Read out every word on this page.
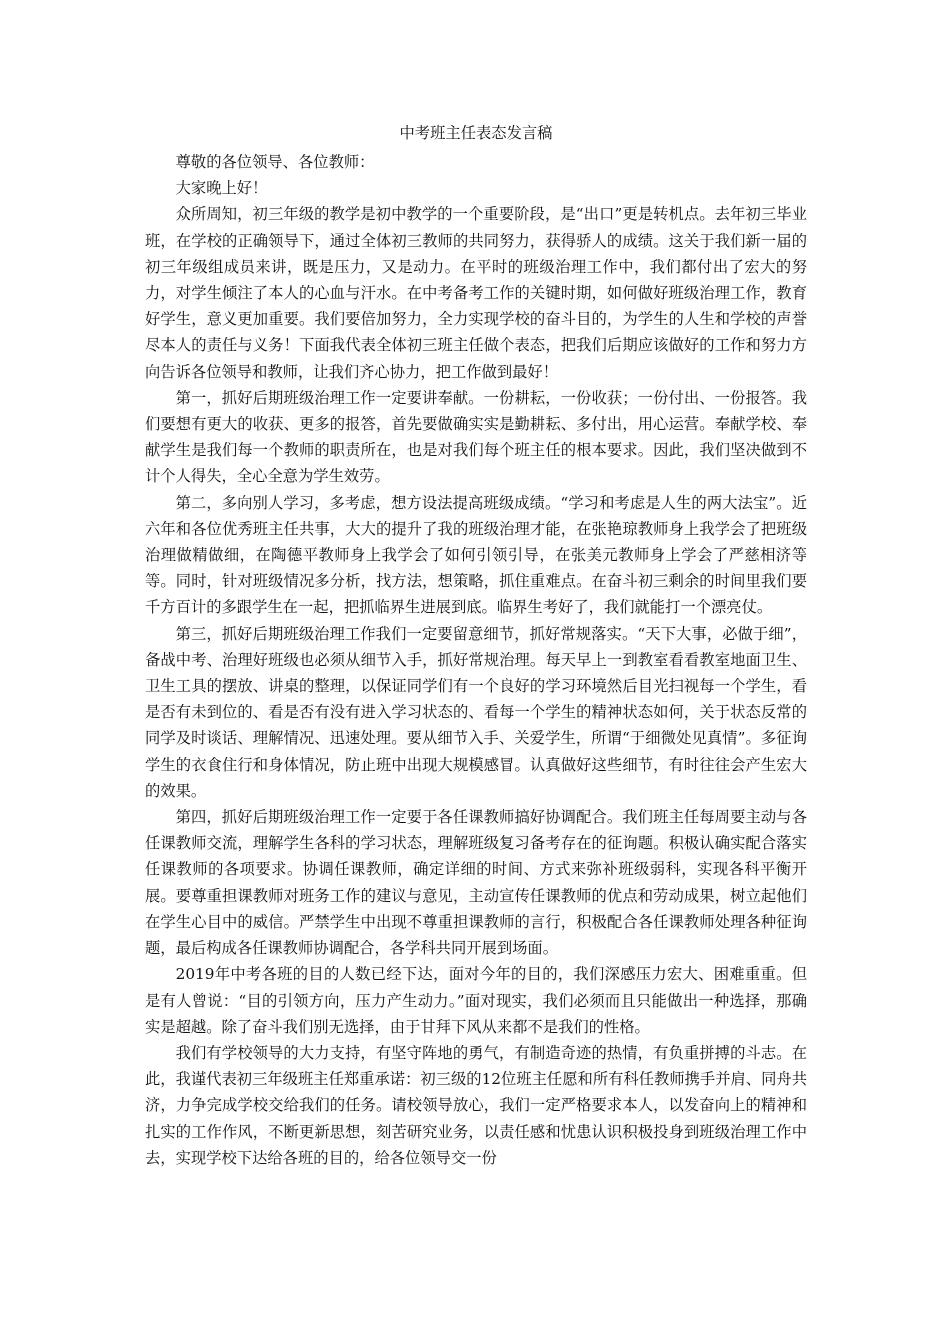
中考班主任表态发言稿

尊敬的各位领导、各位教师：

大家晚上好！

众所周知，初三年级的教学是初中教学的一个重要阶段，是“出口”更是转机点。去年初三毕业班，在学校的正确领导下，通过全体初三教师的共同努力，获得骄人的成绩。这关于我们新一届的初三年级组成员来讲，既是压力，又是动力。在平时的班级治理工作中，我们都付出了宏大的努力，对学生倾注了本人的心血与汗水。在中考备考工作的关键时期，如何做好班级治理工作，教育好学生，意义更加重要。我们要倍加努力，全力实现学校的奋斗目的，为学生的人生和学校的声誉尽本人的责任与义务！下面我代表全体初三班主任做个表态，把我们后期应该做好的工作和努力方向告诉各位领导和教师，让我们齐心协力，把工作做到最好！

第一，抓好后期班级治理工作一定要讲奉献。一份耕耘，一份收获；一份付出、一份报答。我们要想有更大的收获、更多的报答，首先要做确实实是勤耕耘、多付出，用心运营。奉献学校、奉献学生是我们每一个教师的职责所在，也是对我们每个班主任的根本要求。因此，我们坚决做到不计个人得失，全心全意为学生效劳。

第二，多向别人学习，多考虑，想方设法提高班级成绩。“学习和考虑是人生的两大法宝”。近六年和各位优秀班主任共事，大大的提升了我的班级治理才能，在张艳琼教师身上我学会了把班级治理做精做细，在陶德平教师身上我学会了如何引领引导，在张美元教师身上学会了严慈相济等等。同时，针对班级情况多分析，找方法，想策略，抓住重难点。在奋斗初三剩余的时间里我们要千方百计的多跟学生在一起，把抓临界生进展到底。临界生考好了，我们就能打一个漂亮仗。

第三，抓好后期班级治理工作我们一定要留意细节，抓好常规落实。“天下大事，必做于细”，备战中考、治理好班级也必须从细节入手，抓好常规治理。每天早上一到教室看看教室地面卫生、卫生工具的摆放、讲桌的整理，以保证同学们有一个良好的学习环境然后目光扫视每一个学生，看是否有未到位的、看是否有没有进入学习状态的、看每一个学生的精神状态如何，关于状态反常的同学及时谈话、理解情况、迅速处理。要从细节入手、关爱学生，所谓“于细微处见真情”。多征询学生的衣食住行和身体情况，防止班中出现大规模感冒。认真做好这些细节，有时往往会产生宏大的效果。

第四，抓好后期班级治理工作一定要于各任课教师搞好协调配合。我们班主任每周要主动与各任课教师交流，理解学生各科的学习状态，理解班级复习备考存在的征询题。积极认确实配合落实任课教师的各项要求。协调任课教师，确定详细的时间、方式来弥补班级弱科，实现各科平衡开展。要尊重担课教师对班务工作的建议与意见，主动宣传任课教师的优点和劳动成果，树立起他们在学生心目中的威信。严禁学生中出现不尊重担课教师的言行，积极配合各任课教师处理各种征询题，最后构成各任课教师协调配合，各学科共同开展到场面。

2019年中考各班的目的人数已经下达，面对今年的目的，我们深感压力宏大、困难重重。但是有人曾说：“目的引领方向，压力产生动力。”面对现实，我们必须而且只能做出一种选择，那确实是超越。除了奋斗我们别无选择，由于甘拜下风从来都不是我们的性格。

我们有学校领导的大力支持，有坚守阵地的勇气，有制造奇迹的热情，有负重拼搏的斗志。在此，我谨代表初三年级班主任郑重承诺：初三级的12位班主任愿和所有科任教师携手并肩、同舟共济，力争完成学校交给我们的任务。请校领导放心，我们一定严格要求本人，以发奋向上的精神和扎实的工作作风，不断更新思想，刻苦研究业务，以责任感和忧患认识积极投身到班级治理工作中去，实现学校下达给各班的目的，给各位领导交一份
